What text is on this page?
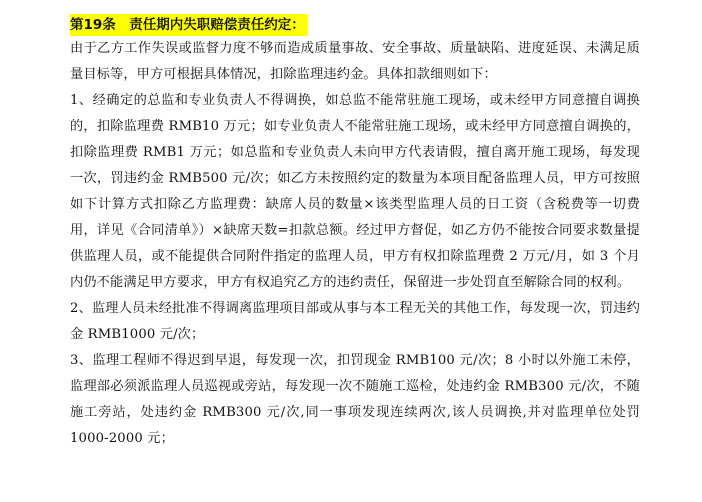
第19条　责任期内失职赔偿责任约定：

由于乙方工作失误或监督力度不够而造成质量事故、安全事故、质量缺陷、进度延误、未满足质量目标等，甲方可根据具体情况，扣除监理违约金。具体扣款细则如下：

1、经确定的总监和专业负责人不得调换，如总监不能常驻施工现场，或未经甲方同意擅自调换的，扣除监理费 RMB10 万元；如专业负责人不能常驻施工现场，或未经甲方同意擅自调换的，扣除监理费 RMB1 万元；如总监和专业负责人未向甲方代表请假，擅自离开施工现场，每发现一次，罚违约金 RMB500 元/次；如乙方未按照约定的数量为本项目配备监理人员，甲方可按照如下计算方式扣除乙方监理费：缺席人员的数量×该类型监理人员的日工资（含税费等一切费用，详见《合同清单》）×缺席天数=扣款总额。经过甲方督促，如乙方仍不能按合同要求数量提供监理人员，或不能提供合同附件指定的监理人员，甲方有权扣除监理费 2 万元/月，如 3 个月内仍不能满足甲方要求，甲方有权追究乙方的违约责任，保留进一步处罚直至解除合同的权利。

2、监理人员未经批准不得调离监理项目部或从事与本工程无关的其他工作，每发现一次，罚违约金 RMB1000 元/次；

3、监理工程师不得迟到早退，每发现一次，扣罚现金 RMB100 元/次；8 小时以外施工未停，监理部必须派监理人员巡视或旁站，每发现一次不随施工巡检，处违约金 RMB300 元/次，不随施工旁站，处违约金 RMB300 元/次,同一事项发现连续两次,该人员调换,并对监理单位处罚 1000-2000 元；
